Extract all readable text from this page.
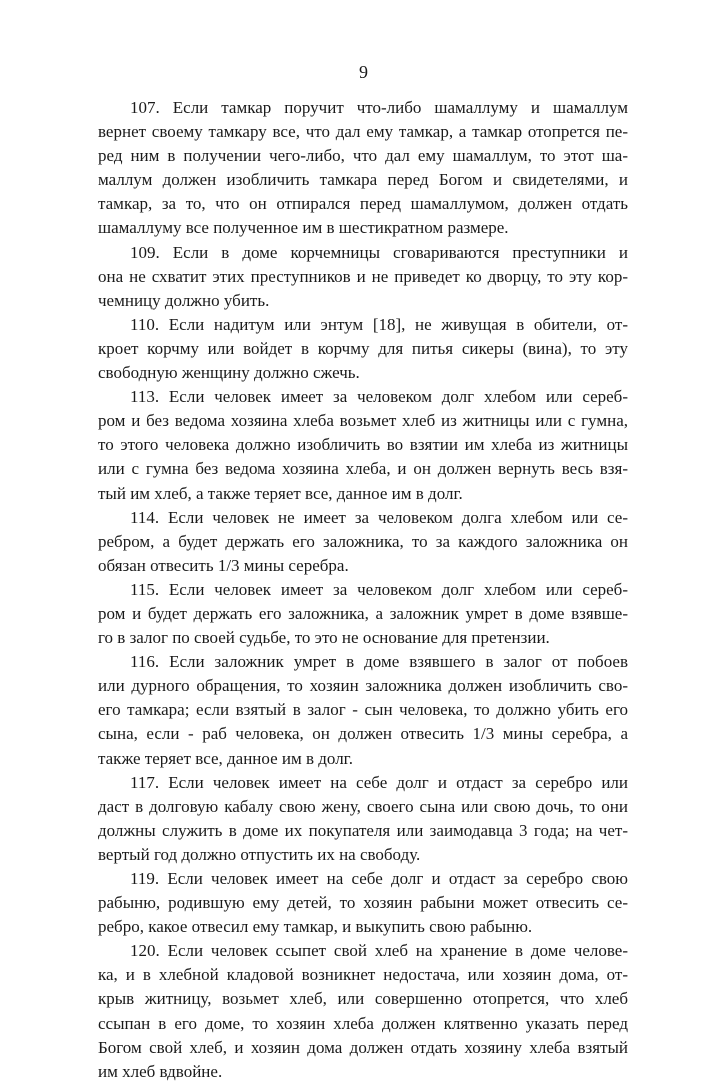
9
107. Если тамкар поручит что-либо шамаллуму и шамаллум
вернет своему тамкару все, что дал ему тамкар, а тамкар отопрется пе-
ред ним в получении чего-либо, что дал ему шамаллум, то этот ша-
маллум должен изобличить тамкара перед Богом и свидетелями, и
тамкар, за то, что он отпирался перед шамаллумом, должен отдать
шамаллуму все полученное им в шестикратном размере.
109. Если в доме корчемницы сговариваются преступники и
она не схватит этих преступников и не приведет ко дворцу, то эту кор-
чемницу должно убить.
110. Если надитум или энтум [18], не живущая в обители, от-
кроет корчму или войдет в корчму для питья сикеры (вина), то эту
свободную женщину должно сжечь.
113. Если человек имеет за человеком долг хлебом или серeб-
ром и без ведома хозяина хлеба возьмет хлеб из житницы или с гумна,
то этого человека должно изобличить во взятии им хлеба из житницы
или с гумна без ведома хозяина хлеба, и он должен вернуть весь взя-
тый им хлеб, а также теряет все, данное им в долг.
114. Если человек не имеет за человеком долга хлебом или се-
ребром, а будет держать его заложника, то за каждого заложника он
обязан отвесить 1/3 мины серебра.
115. Если человек имеет за человеком долг хлебом или сереб-
ром и будет держать его заложника, а заложник умрет в доме взявше-
го в залог по своей судьбе, то это не основание для претензии.
116. Если заложник умрет в доме взявшего в залог от побоев
или дурного обращения, то хозяин заложника должен изобличить сво-
его тамкара; если взятый в залог - сын человека, то должно убить его
сына, если - раб человека, он должен отвесить 1/3 мины серебра, а
также теряет все, данное им в долг.
117. Если человек имеет на себе долг и отдаст за серебро или
даст в долговую кабалу свою жену, своего сына или свою дочь, то они
должны служить в доме их покупателя или заимодавца 3 года; на чет-
вертый год должно отпустить их на свободу.
119. Если человек имеет на себе долг и отдаст за серебро свою
рабыню, родившую ему детей, то хозяин рабыни может отвесить се-
ребро, какое отвесил ему тамкар, и выкупить свою рабыню.
120. Если человек ссыпет свой хлеб на хранение в доме челове-
ка, и в хлебной кладовой возникнет недостача, или хозяин дома, от-
крыв житницу, возьмет хлеб, или совершенно отопрется, что хлеб
ссыпан в его доме, то хозяин хлеба должен клятвенно указать перед
Богом свой хлеб, и хозяин дома должен отдать хозяину хлеба взятый
им хлеб вдвойне.
